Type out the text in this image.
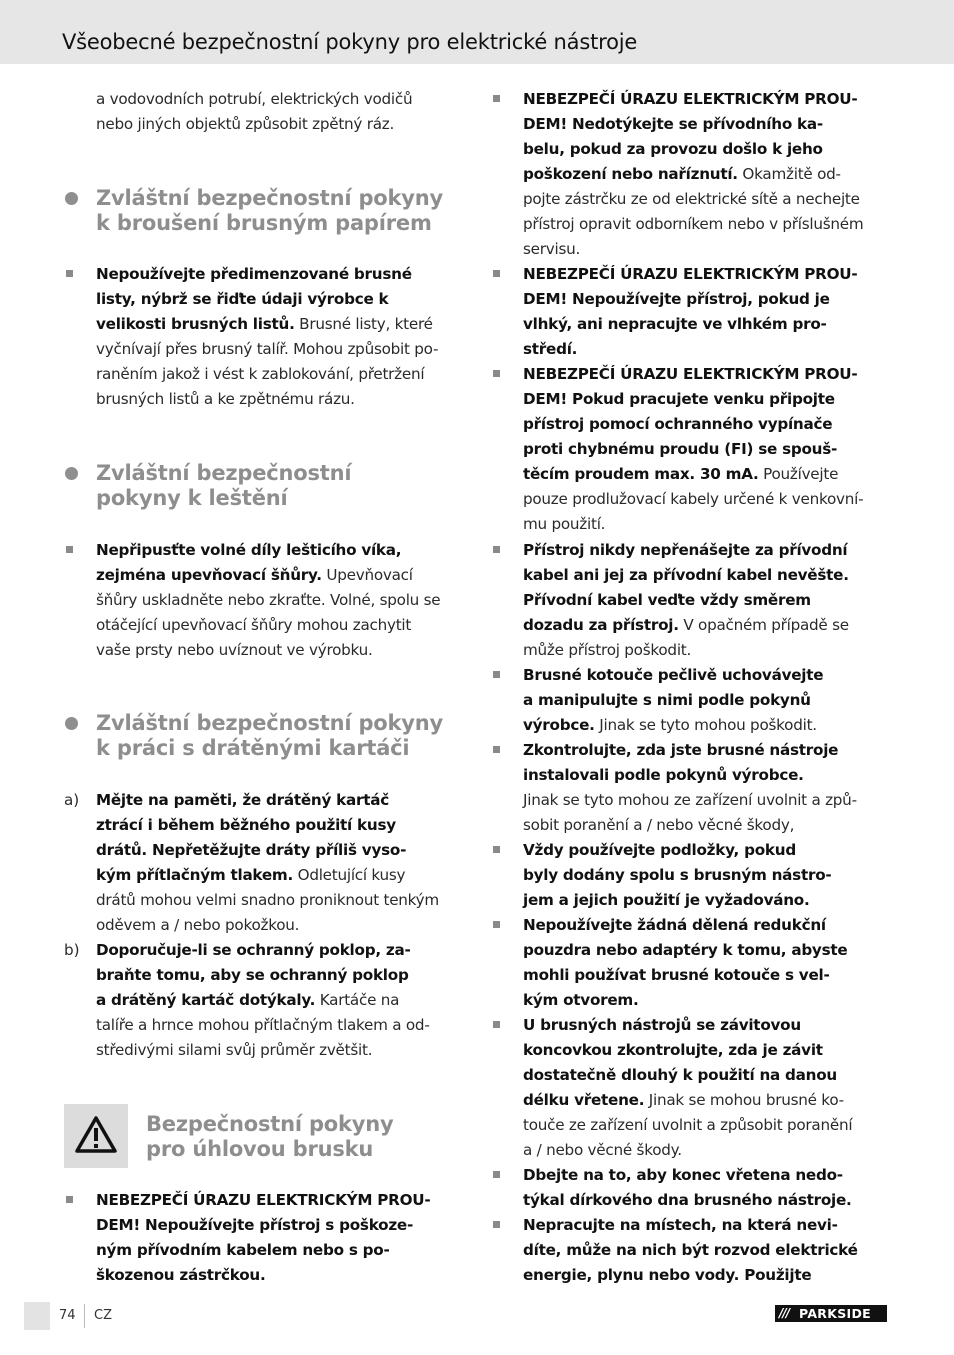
Všeobecné bezpečnostní pokyny pro elektrické nástroje
a vodovodních potrubí, elektrických vodičů
nebo jiných objektů způsobit zpětný ráz.
Zvláštní bezpečnostní pokyny
k broušení brusným papírem
Nepoužívejte předimenzované brusné
listy, nýbrž se řiďte údaji výrobce k
velikosti brusných listů. Brusné listy, které
vyčnívají přes brusný talíř. Mohou způsobit po-
raněním jakož i vést k zablokování, přetržení
brusných listů a ke zpětnému rázu.
Zvláštní bezpečnostní
pokyny k leštění
Nepřipusťte volné díly lešticího víka,
zejména upevňovací šňůry. Upevňovací
šňůry uskladněte nebo zkraťte. Volné, spolu se
otáčející upevňovací šňůry mohou zachytit
vaše prsty nebo uvíznout ve výrobku.
Zvláštní bezpečnostní pokyny
k práci s drátěnými kartáči
a) Mějte na paměti, že drátěný kartáč
ztrácí i během běžného použití kusy
drátů. Nepřetěžujte dráty příliš vyso-
kým přítlačným tlakem. Odletující kusy
drátů mohou velmi snadno proniknout tenkým
oděvem a / nebo pokožkou.
b) Doporučuje-li se ochranný poklop, za-
braňte tomu, aby se ochranný poklop
a drátěný kartáč dotýkaly. Kartáče na
talíře a hrnce mohou přítlačným tlakem a od-
středivými silami svůj průměr zvětšit.
Bezpečnostní pokyny
pro úhlovou brusku
NEBEZPEČÍ ÚRAZU ELEKTRICKÝM PROU-
DEM! Nepoužívejte přístroj s poškoze-
ným přívodním kabelem nebo s po-
škozenou zástrčkou.
NEBEZPEČÍ ÚRAZU ELEKTRICKÝM PROU-
DEM! Nedotýkejte se přívodního ka-
belu, pokud za provozu došlo k jeho
poškození nebo naříznutí. Okamžitě od-
pojte zástrčku ze od elektrické sítě a nechejte
přístroj opravit odborníkem nebo v příslušném
servisu.
NEBEZPEČÍ ÚRAZU ELEKTRICKÝM PROU-
DEM! Nepoužívejte přístroj, pokud je
vlhký, ani nepracujte ve vlhkém pro-
středí.
NEBEZPEČÍ ÚRAZU ELEKTRICKÝM PROU-
DEM! Pokud pracujete venku připojte
přístroj pomocí ochranného vypínače
proti chybnému proudu (FI) se spouš-
těcím proudem max. 30 mA. Používejte
pouze prodlužovací kabely určené k venkovní-
mu použití.
Přístroj nikdy nepřenášejte za přívodní
kabel ani jej za přívodní kabel nevěšte.
Přívodní kabel veďte vždy směrem
dozadu za přístroj. V opačném případě se
může přístroj poškodit.
Brusné kotouče pečlivě uchovávejte
a manipulujte s nimi podle pokynů
výrobce. Jinak se tyto mohou poškodit.
Zkontrolujte, zda jste brusné nástroje
instalovali podle pokynů výrobce.
Jinak se tyto mohou ze zařízení uvolnit a způ-
sobit poranění a / nebo věcné škody,
Vždy používejte podložky, pokud
byly dodány spolu s brusným nástro-
jem a jejich použití je vyžadováno.
Nepoužívejte žádná dělená redukční
pouzdra nebo adaptéry k tomu, abyste
mohli používat brusné kotouče s vel-
kým otvorem.
U brusných nástrojů se závitovou
koncovkou zkontrolujte, zda je závit
dostatečně dlouhý k použití na danou
délku vřetene. Jinak se mohou brusné ko-
touče ze zařízení uvolnit a způsobit poranění
a / nebo věcné škody.
Dbejte na to, aby konec vřetena nedo-
týkal dírkového dna brusného nástroje.
Nepracujte na místech, na která nevi-
díte, může na nich být rozvod elektrické
energie, plynu nebo vody. Použijte
74 CZ	/// PARKSIDE
